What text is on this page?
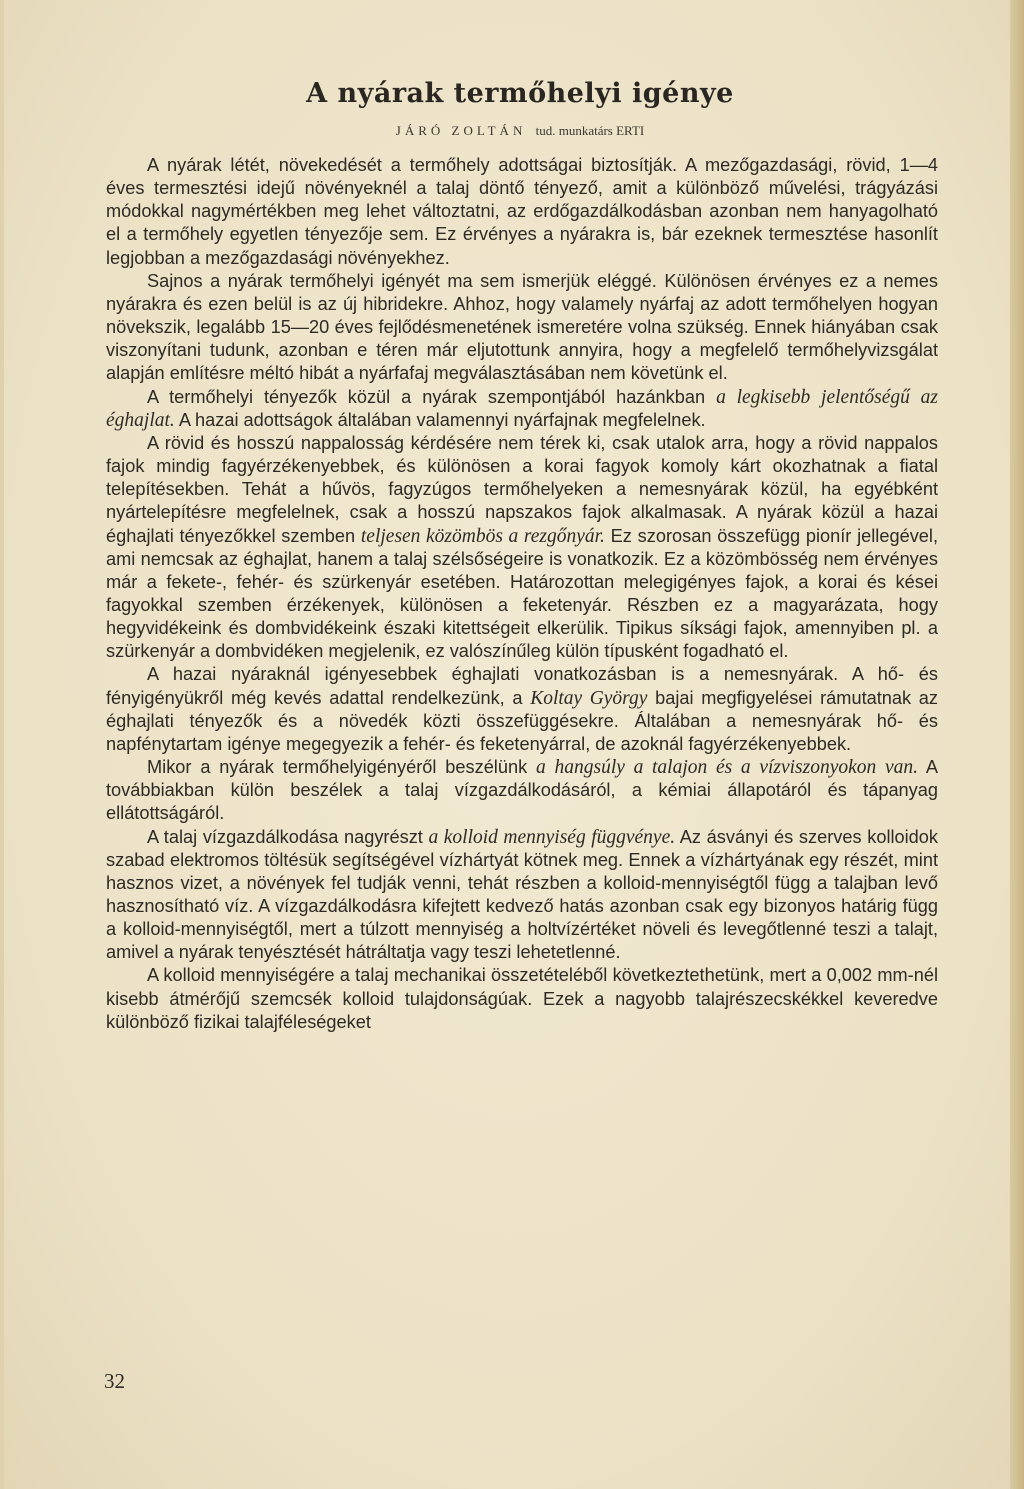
A nyárak termőhelyi igénye
JÁRÓ ZOLTÁN tud. munkatárs ERTI

A nyárak létét, növekedését a termőhely adottságai biztosítják. A mezőgazdasági, rövid, 1—4 éves termesztési idejű növényeknél a talaj döntő tényező, amit a különböző művelési, trágyázási módokkal nagymértékben meg lehet változtatni, az erdőgazdálkodásban azonban nem hanyagolható el a termőhely egyetlen tényezője sem. Ez érvényes a nyárakra is, bár ezeknek termesztése hasonlít legjobban a mezőgazdasági növényekhez.

Sajnos a nyárak termőhelyi igényét ma sem ismerjük eléggé. Különösen érvényes ez a nemes nyárakra és ezen belül is az új hibridekre. Ahhoz, hogy valamely nyárfaj az adott termőhelyen hogyan növekszik, legalább 15—20 éves fejlődésmenetének ismeretére volna szükség. Ennek hiányában csak viszonyítani tudunk, azonban e téren már eljutottunk annyira, hogy a megfelelő termőhelyvizsgálat alapján említésre méltó hibát a nyárfafaj megválasztásában nem követünk el.

A termőhelyi tényezők közül a nyárak szempontjából hazánkban a legkisebb jelentőségű az éghajlat. A hazai adottságok általában valamennyi nyárfajnak megfelelnek.

A rövid és hosszú nappalosság kérdésére nem térek ki, csak utalok arra, hogy a rövid nappalos fajok mindig fagyérzékenyebbek, és különösen a korai fagyok komoly kárt okozhatnak a fiatal telepítésekben. Tehát a hűvös, fagyzúgos termőhelyeken a nemesnyárak közül, ha egyébként nyártelepítésre megfelelnek, csak a hosszú napszakos fajok alkalmasak. A nyárak közül a hazai éghajlati tényezőkkel szemben teljesen közömbös a rezgőnyár. Ez szorosan összefügg pionír jellegével, ami nemcsak az éghajlat, hanem a talaj szélsőségeire is vonatkozik. Ez a közömbösség nem érvényes már a fekete-, fehér- és szürkenyár esetében. Határozottan melegigényes fajok, a korai és kései fagyokkal szemben érzékenyek, különösen a feketenyár. Részben ez a magyarázata, hogy hegyvidékeink és dombvidékeink északi kitettségeit elkerülik. Tipikus síksági fajok, amennyiben pl. a szürkenyár a dombvidéken megjelenik, ez valószínűleg külön típusként fogadható el.

A hazai nyáraknál igényesebbek éghajlati vonatkozásban is a nemesnyárak. A hő- és fényigényükről még kevés adattal rendelkezünk, a Koltay György bajai megfigyelései rámutatnak az éghajlati tényezők és a növedék közti összefüggésekre. Általában a nemesnyárak hő- és napfénytartam igénye megegyezik a fehér- és feketenyárral, de azoknál fagyérzékenyebbek.

Mikor a nyárak termőhelyigényéről beszélünk a hangsúly a talajon és a vízviszonyokon van. A továbbiakban külön beszélek a talaj vízgazdálkodásáról, a kémiai állapotáról és tápanyag ellátottságáról.

A talaj vízgazdálkodása nagyrészt a kolloid mennyiség függvénye. Az ásványi és szerves kolloidok szabad elektromos töltésük segítségével vízhártyát kötnek meg. Ennek a vízhártyának egy részét, mint hasznos vizet, a növények fel tudják venni, tehát részben a kolloid-mennyiségtől függ a talajban levő hasznosítható víz. A vízgazdálkodásra kifejtett kedvező hatás azonban csak egy bizonyos határig függ a kolloid-mennyiségtől, mert a túlzott mennyiség a holtvízértéket növeli és levegőtlenné teszi a talajt, amivel a nyárak tenyésztését hátráltatja vagy teszi lehetetlenné.

A kolloid mennyiségére a talaj mechanikai összetételéből következtethetünk, mert a 0,002 mm-nél kisebb átmérőjű szemcsék kolloid tulajdonságúak. Ezek a nagyobb talajrészecskékkel keveredve különböző fizikai talajféleségeket

32
